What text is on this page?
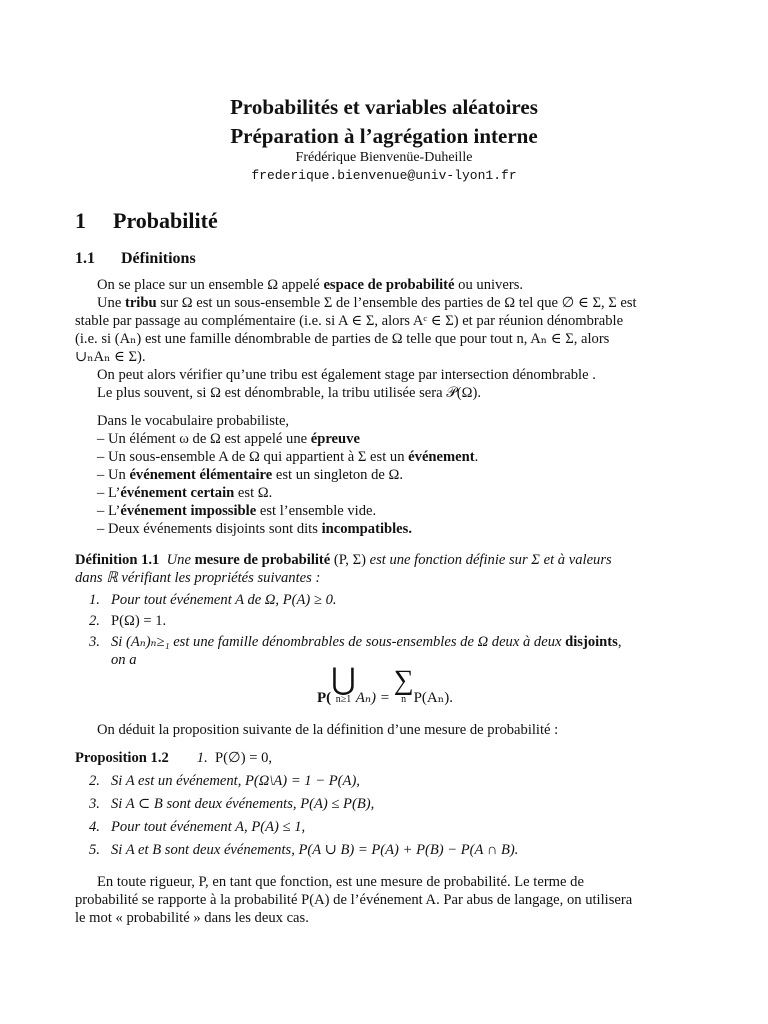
Probabilités et variables aléatoires
Préparation à l’agrégation interne
Frédérique Bienvenüe-Duheille
frederique.bienvenue@univ-lyon1.fr
1 Probabilité
1.1 Définitions
On se place sur un ensemble Ω appelé espace de probabilité ou univers.
Une tribu sur Ω est un sous-ensemble Σ de l’ensemble des parties de Ω tel que ∅ ∈ Σ, Σ est
stable par passage au complémentaire (i.e. si A ∈ Σ, alors Aᶜ ∈ Σ) et par réunion dénombrable
(i.e. si (Aₙ) est une famille dénombrable de parties de Ω telle que pour tout n, Aₙ ∈ Σ, alors
∪ₙAₙ ∈ Σ).
On peut alors vérifier qu’une tribu est également stage par intersection dénombrable .
Le plus souvent, si Ω est dénombrable, la tribu utilisée sera 𝒫(Ω).
Dans le vocabulaire probabiliste,
– Un élément ω de Ω est appelé une épreuve
– Un sous-ensemble A de Ω qui appartient à Σ est un événement.
– Un événement élémentaire est un singleton de Ω.
– L’événement certain est Ω.
– L’événement impossible est l’ensemble vide.
– Deux événements disjoints sont dits incompatibles.
Définition 1.1 Une mesure de probabilité (P, Σ) est une fonction définie sur Σ et à valeurs
dans ℝ vérifiant les propriétés suivantes :
1. Pour tout événement A de Ω, P(A) ≥ 0.
2. P(Ω) = 1.
3. Si (Aₙ)ₙ≥₁ est une famille dénombrables de sous-ensembles de Ω deux à deux disjoints,
on a
P(⋃
n≥1 Aₙ) = ∑
n P(Aₙ).
On déduit la proposition suivante de la définition d’une mesure de probabilité :
Proposition 1.2 1. P(∅) = 0,
2. Si A est un événement, P(Ω\A) = 1 − P(A),
3. Si A ⊂ B sont deux événements, P(A) ≤ P(B),
4. Pour tout événement A, P(A) ≤ 1,
5. Si A et B sont deux événements, P(A ∪ B) = P(A) + P(B) − P(A ∩ B).
En toute rigueur, P, en tant que fonction, est une mesure de probabilité. Le terme de
probabilité se rapporte à la probabilité P(A) de l’événement A. Par abus de langage, on utilisera
le mot « probabilité » dans les deux cas.
